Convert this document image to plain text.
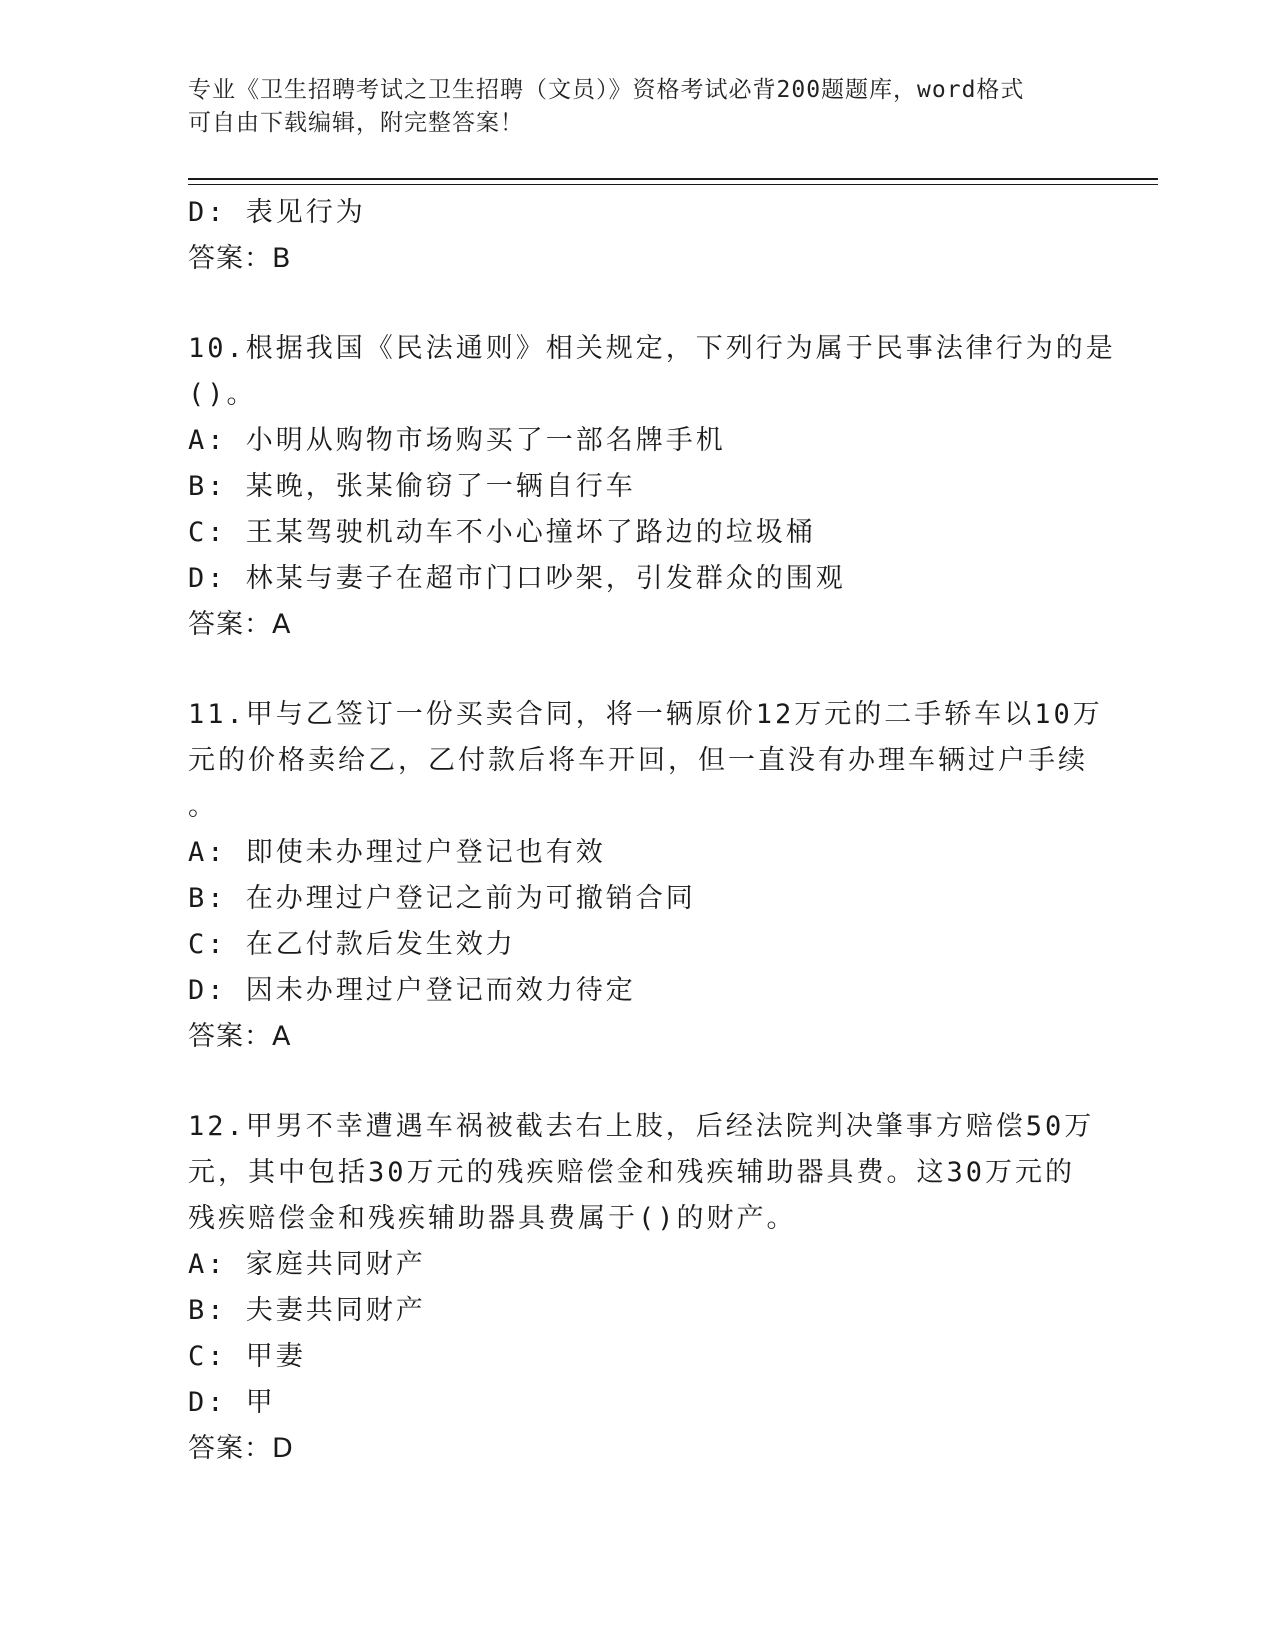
专业《卫生招聘考试之卫生招聘（文员）》资格考试必背200题题库，word格式
可自由下载编辑，附完整答案！
D: 表见行为
答案：B
10.根据我国《民法通则》相关规定，下列行为属于民事法律行为的是
()。
A: 小明从购物市场购买了一部名牌手机
B: 某晚，张某偷窃了一辆自行车
C: 王某驾驶机动车不小心撞坏了路边的垃圾桶
D: 林某与妻子在超市门口吵架，引发群众的围观
答案：A
11.甲与乙签订一份买卖合同，将一辆原价12万元的二手轿车以10万
元的价格卖给乙，乙付款后将车开回，但一直没有办理车辆过户手续
。
A: 即使未办理过户登记也有效
B: 在办理过户登记之前为可撤销合同
C: 在乙付款后发生效力
D: 因未办理过户登记而效力待定
答案：A
12.甲男不幸遭遇车祸被截去右上肢，后经法院判决肇事方赔偿50万
元，其中包括30万元的残疾赔偿金和残疾辅助器具费。这30万元的
残疾赔偿金和残疾辅助器具费属于()的财产。
A: 家庭共同财产
B: 夫妻共同财产
C: 甲妻
D: 甲
答案：D
